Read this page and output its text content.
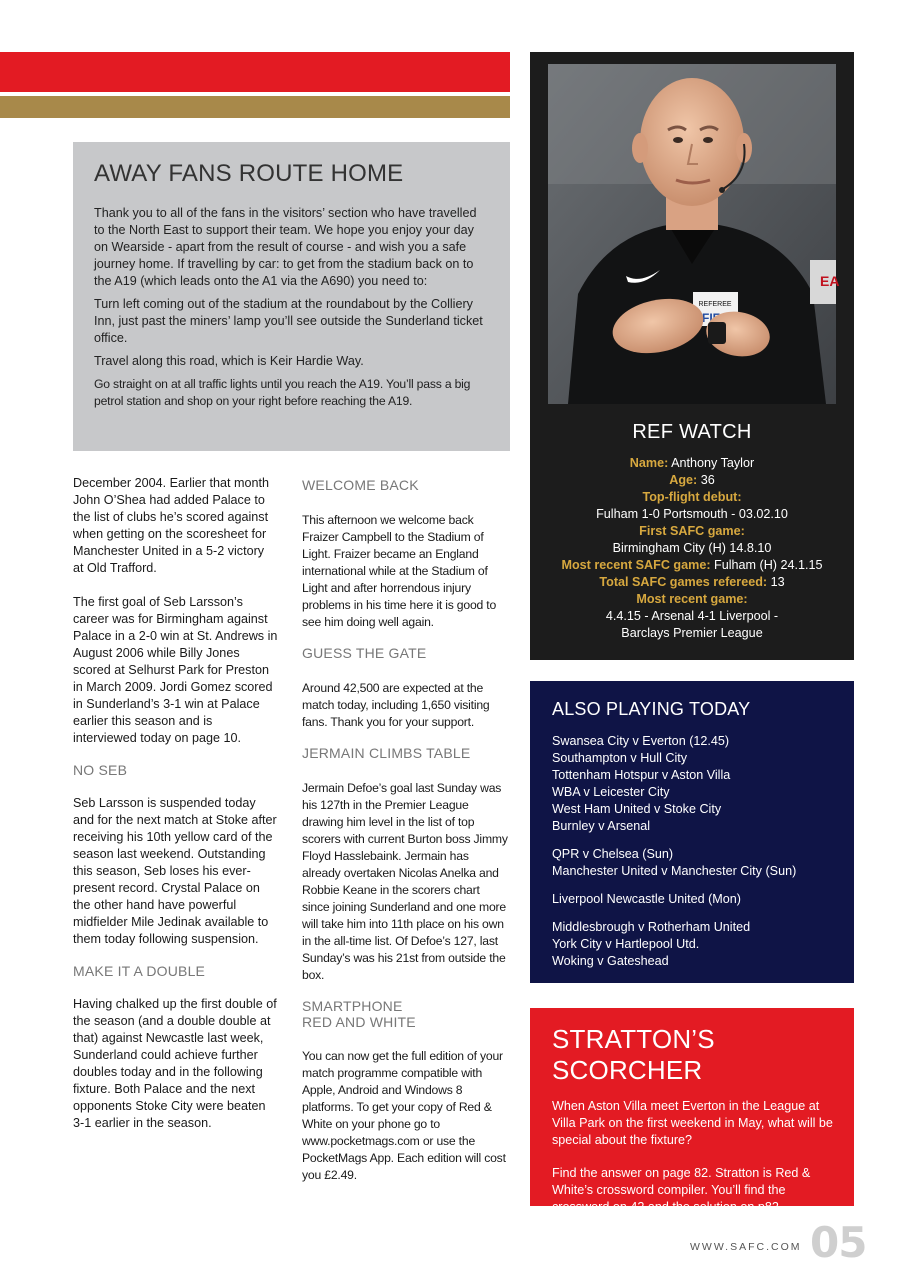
AWAY FANS ROUTE HOME

Thank you to all of the fans in the visitors’ section who have travelled to the North East to support their team. We hope you enjoy your day on Wearside - apart from the result of course - and wish you a safe journey home. If travelling by car: to get from the stadium back on to the A19 (which leads onto the A1 via the A690) you need to:

Turn left coming out of the stadium at the roundabout by the Colliery Inn, just past the miners’ lamp you’ll see outside the Sunderland ticket office.

Travel along this road, which is Keir Hardie Way.

Go straight on at all traffic lights until you reach the A19. You’ll pass a big petrol station and shop on your right before reaching the A19.

December 2004. Earlier that month John O’Shea had added Palace to the list of clubs he’s scored against when getting on the scoresheet for Manchester United in a 5-2 victory at Old Trafford.

The first goal of Seb Larsson’s career was for Birmingham against Palace in a 2-0 win at St. Andrews in August 2006 while Billy Jones scored at Selhurst Park for Preston in March 2009. Jordi Gomez scored in Sunderland’s 3-1 win at Palace earlier this season and is interviewed today on page 10.

NO SEB

Seb Larsson is suspended today and for the next match at Stoke after receiving his 10th yellow card of the season last weekend. Outstanding this season, Seb loses his ever-present record. Crystal Palace on the other hand have powerful midfielder Mile Jedinak available to them today following suspension.

MAKE IT A DOUBLE

Having chalked up the first double of the season (and a double double at that) against Newcastle last week, Sunderland could achieve further doubles today and in the following fixture. Both Palace and the next opponents Stoke City were beaten 3-1 earlier in the season.

WELCOME BACK

This afternoon we welcome back Fraizer Campbell to the Stadium of Light. Fraizer became an England international while at the Stadium of Light and after horrendous injury problems in his time here it is good to see him doing well again.

GUESS THE GATE

Around 42,500 are expected at the match today, including 1,650 visiting fans. Thank you for your support.

JERMAIN CLIMBS TABLE

Jermain Defoe’s goal last Sunday was his 127th in the Premier League drawing him level in the list of top scorers with current Burton boss Jimmy Floyd Hasslebaink. Jermain has already overtaken Nicolas Anelka and Robbie Keane in the scorers chart since joining Sunderland and one more will take him into 11th place on his own in the all-time list. Of Defoe’s 127, last Sunday’s was his 21st from outside the box.

SMARTPHONE
RED AND WHITE

You can now get the full edition of your match programme compatible with Apple, Android and Windows 8 platforms. To get your copy of Red & White on your phone go to www.pocketmags.com or use the PocketMags App. Each edition will cost you £2.49.

REFEREE
EA
REF WATCH
Name: Anthony Taylor
Age: 36
Top-flight debut:
Fulham 1-0 Portsmouth - 03.02.10
First SAFC game:
Birmingham City (H) 14.8.10
Most recent SAFC game: Fulham (H) 24.1.15
Total SAFC games refereed: 13
Most recent game:
4.4.15 - Arsenal 4-1 Liverpool -
Barclays Premier League
ALSO PLAYING TODAY
Swansea City v Everton (12.45)
Southampton v Hull City
Tottenham Hotspur v Aston Villa
WBA v Leicester City
West Ham United v Stoke City
Burnley v Arsenal
QPR v Chelsea (Sun)
Manchester United v Manchester City (Sun)
Liverpool Newcastle United (Mon)
Middlesbrough v Rotherham United
York City v Hartlepool Utd.
Woking v Gateshead
STRATTON’S SCORCHER

When Aston Villa meet Everton in the League at Villa Park on the first weekend in May, what will be special about the fixture?

Find the answer on page 82. Stratton is Red & White’s crossword compiler. You’ll find the crossword on 42 and the solution on p82.

WWW.SAFC.COM 05
